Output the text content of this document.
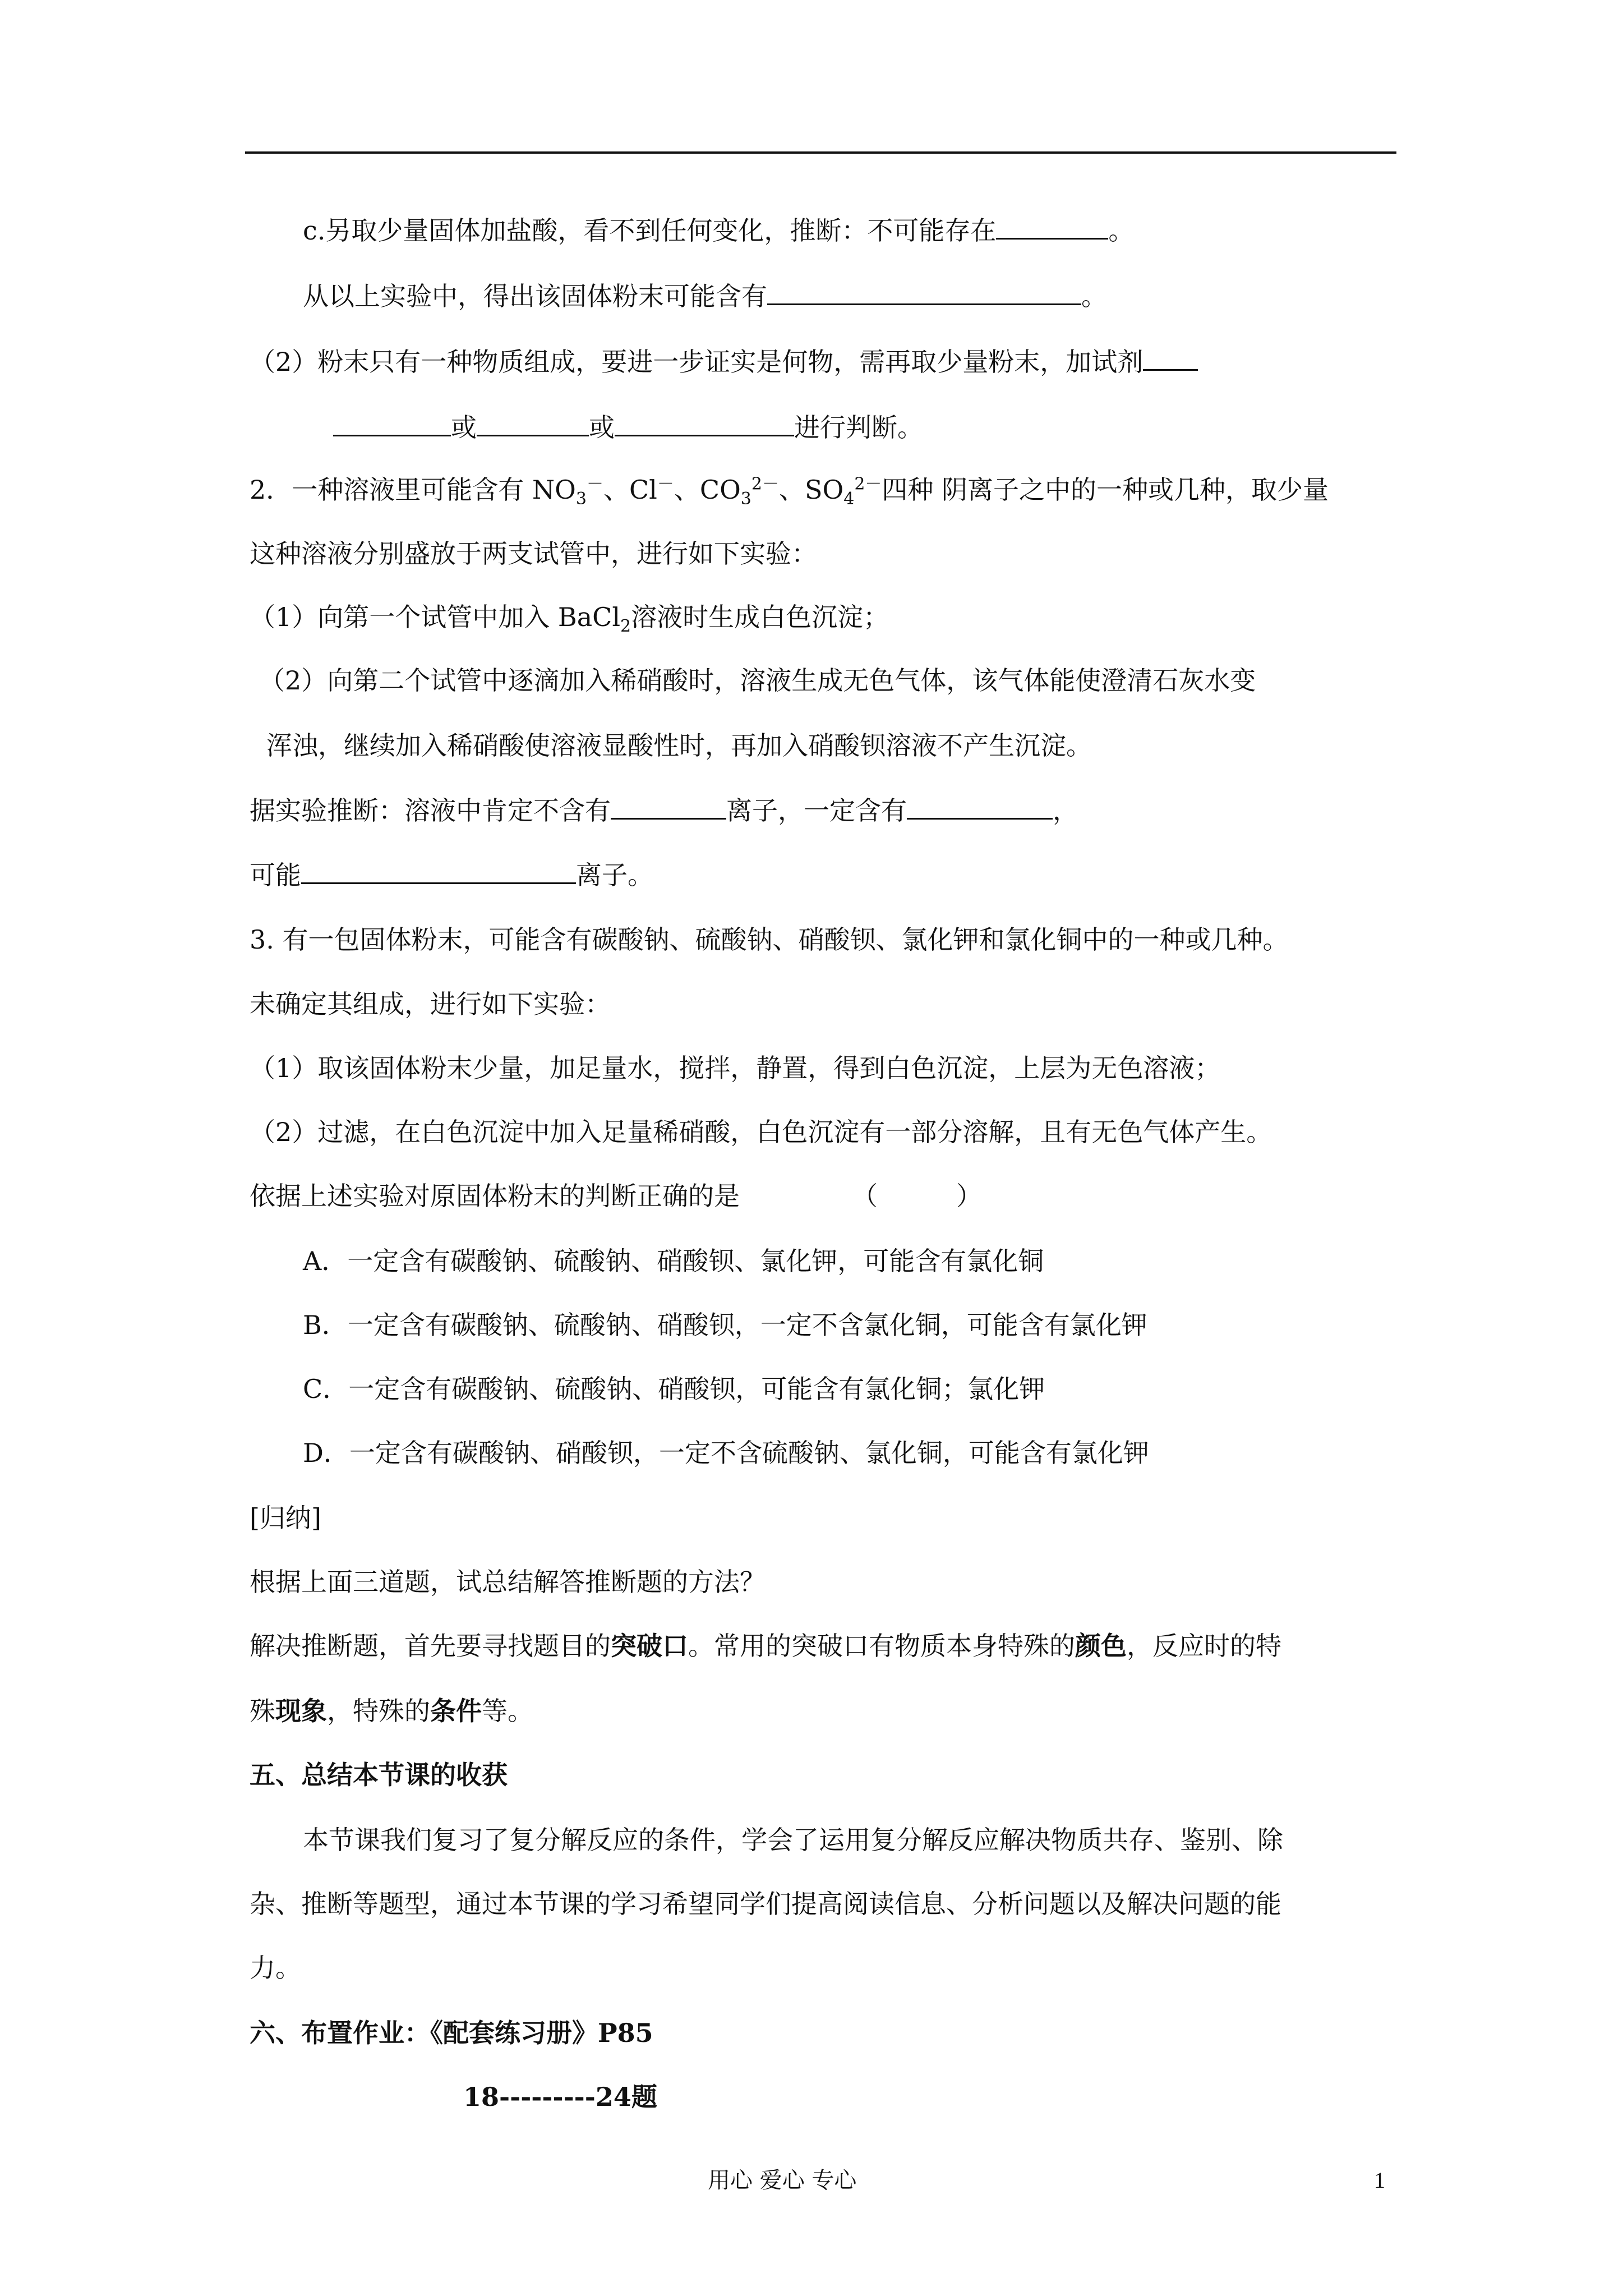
c.另取少量固体加盐酸，看不到任何变化，推断：不可能存在	。
从以上实验中，得出该固体粉末可能含有	。
（2）粉末只有一种物质组成，要进一步证实是何物，需再取少量粉末，加试剂
或	或	进行判断。
2．一种溶液里可能含有 $NO_3^-$、Cl－、$CO_3^{2-}$、$SO_4^{2-}$四种 阴离子之中的一种或几种，取少量
这种溶液分别盛放于两支试管中，进行如下实验：
（1）向第一个试管中加入 BaCl$_2$溶液时生成白色沉淀；
（2）向第二个试管中逐滴加入稀硝酸时，溶液生成无色气体，该气体能使澄清石灰水变
浑浊，继续加入稀硝酸使溶液显酸性时，再加入硝酸钡溶液不产生沉淀。
据实验推断：溶液中肯定不含有	离子，一定含有	，
可能	离子。
3. 有一包固体粉末，可能含有碳酸钠、硫酸钠、硝酸钡、氯化钾和氯化铜中的一种或几种。
未确定其组成，进行如下实验：
（1）取该固体粉末少量，加足量水，搅拌，静置，得到白色沉淀，上层为无色溶液；
（2）过滤，在白色沉淀中加入足量稀硝酸，白色沉淀有一部分溶解，且有无色气体产生。
依据上述实验对原固体粉末的判断正确的是	（	）
A．一定含有碳酸钠、硫酸钠、硝酸钡、氯化钾，可能含有氯化铜
B．一定含有碳酸钠、硫酸钠、硝酸钡，一定不含氯化铜，可能含有氯化钾
C．一定含有碳酸钠、硫酸钠、硝酸钡，可能含有氯化铜；氯化钾
D．一定含有碳酸钠、硝酸钡，一定不含硫酸钠、氯化铜，可能含有氯化钾
[归纳]
根据上面三道题，试总结解答推断题的方法？
解决推断题，首先要寻找题目的突破口。常用的突破口有物质本身特殊的颜色，反应时的特
殊现象，特殊的条件等。
五、总结本节课的收获
本节课我们复习了复分解反应的条件，学会了运用复分解反应解决物质共存、鉴别、除
杂、推断等题型，通过本节课的学习希望同学们提高阅读信息、分析问题以及解决问题的能
力。
六、布置作业：《配套练习册》P85
18---------24题
用心 爱心 专心	1
